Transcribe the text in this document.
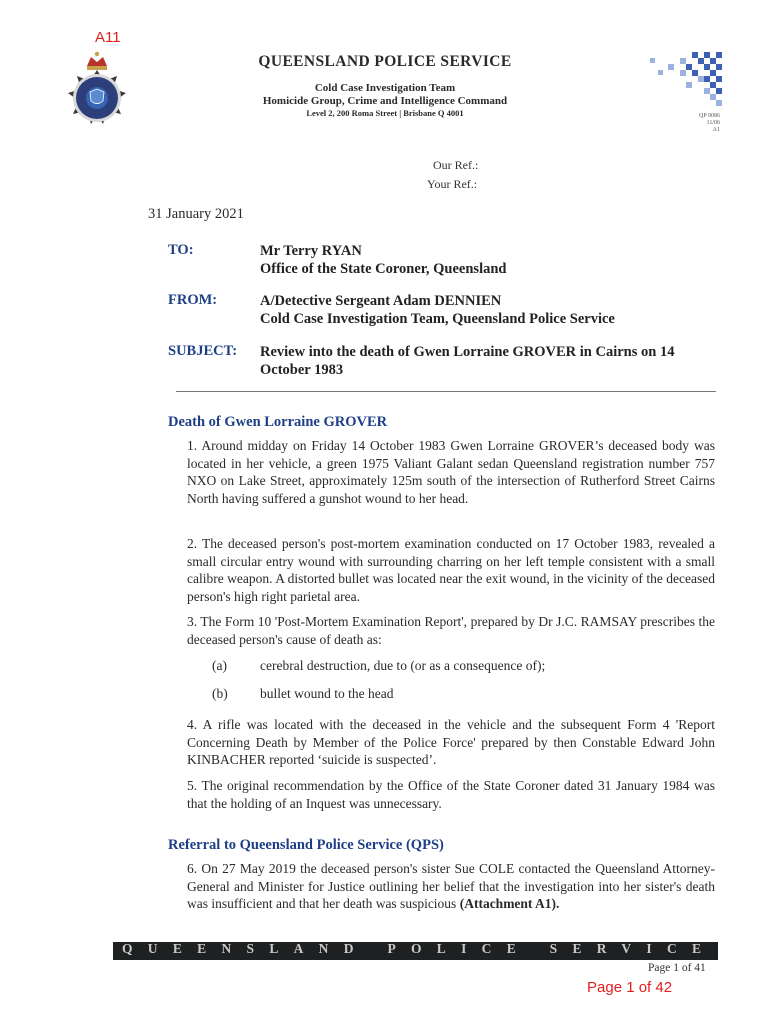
A11
QUEENSLAND POLICE SERVICE
Cold Case Investigation Team
Homicide Group, Crime and Intelligence Command
Level 2, 200 Roma Street | Brisbane Q 4001	QP 0086
11/06
A1
Our Ref.:
Your Ref.:
31 January 2021
TO:	Mr Terry RYAN
Office of the State Coroner, Queensland
FROM:	A/Detective Sergeant Adam DENNIEN
Cold Case Investigation Team, Queensland Police Service
SUBJECT: Review into the death of Gwen Lorraine GROVER in Cairns on 14
October 1983
Death of Gwen Lorraine GROVER
1. Around midday on Friday 14 October 1983 Gwen Lorraine GROVER’s deceased body was located in her vehicle, a green 1975 Valiant Galant sedan Queensland registration number 757 NXO on Lake Street, approximately 125m south of the intersection of Rutherford Street Cairns North having suffered a gunshot wound to her head.
2. The deceased person's post-mortem examination conducted on 17 October 1983, revealed a small circular entry wound with surrounding charring on her left temple consistent with a small calibre weapon. A distorted bullet was located near the exit wound, in the vicinity of the deceased person's high right parietal area.
3. The Form 10 'Post-Mortem Examination Report', prepared by Dr J.C. RAMSAY prescribes the deceased person's cause of death as:
(a) cerebral destruction, due to (or as a consequence of);
(b) bullet wound to the head
4. A rifle was located with the deceased in the vehicle and the subsequent Form 4 'Report Concerning Death by Member of the Police Force' prepared by then Constable Edward John KINBACHER reported ‘suicide is suspected’.
5. The original recommendation by the Office of the State Coroner dated 31 January 1984 was that the holding of an Inquest was unnecessary.
Referral to Queensland Police Service (QPS)
6. On 27 May 2019 the deceased person's sister Sue COLE contacted the Queensland Attorney-General and Minister for Justice outlining her belief that the investigation into her sister's death was insufficient and that her death was suspicious (Attachment A1).
QUEENSLAND POLICE SERVICE
Page 1 of 41
Page 1 of 42
